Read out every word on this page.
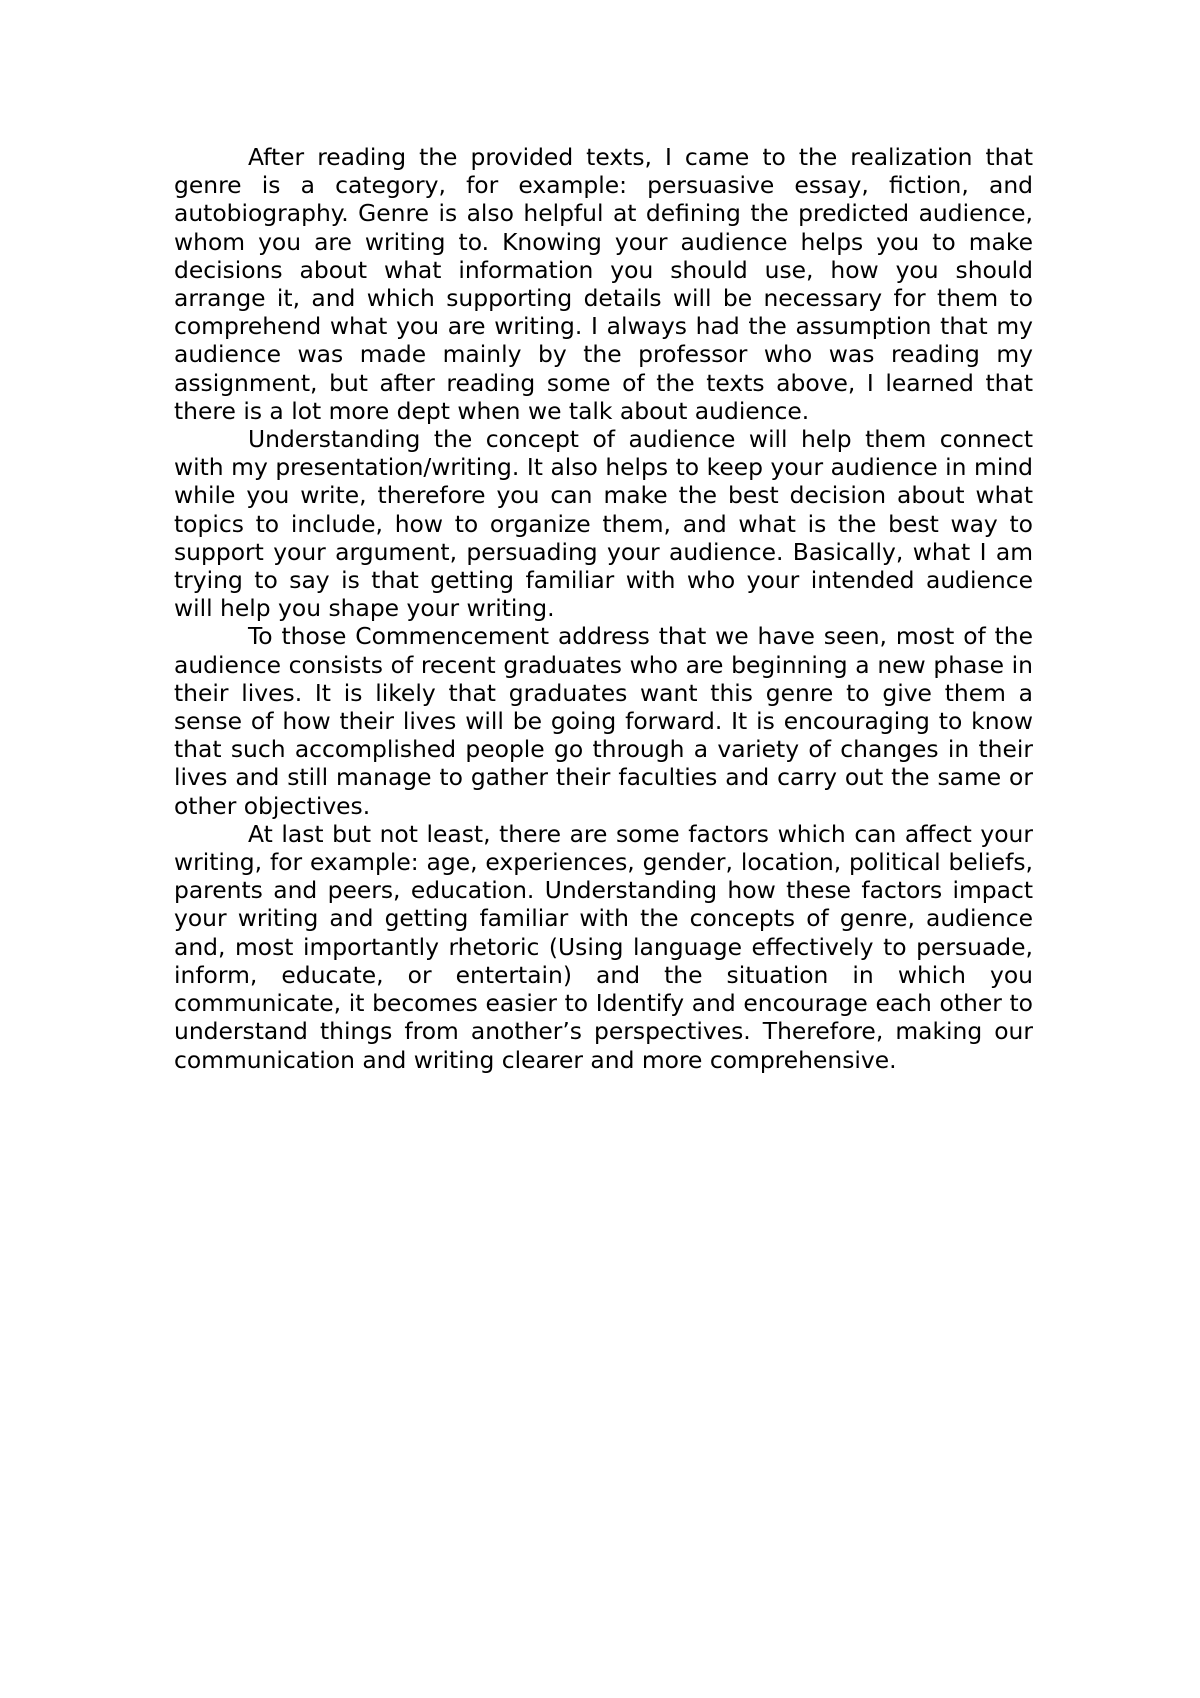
After reading the provided texts, I came to the realization that genre is a category, for example: persuasive essay, fiction, and autobiography. Genre is also helpful at defining the predicted audience, whom you are writing to. Knowing your audience helps you to make decisions about what information you should use, how you should arrange it, and which supporting details will be necessary for them to comprehend what you are writing. I always had the assumption that my audience was made mainly by the professor who was reading my assignment, but after reading some of the texts above, I learned that there is a lot more dept when we talk about audience.

Understanding the concept of audience will help them connect with my presentation/writing. It also helps to keep your audience in mind while you write, therefore you can make the best decision about what topics to include, how to organize them, and what is the best way to support your argument, persuading your audience. Basically, what I am trying to say is that getting familiar with who your intended audience will help you shape your writing.

To those Commencement address that we have seen, most of the audience consists of recent graduates who are beginning a new phase in their lives. It is likely that graduates want this genre to give them a sense of how their lives will be going forward. It is encouraging to know that such accomplished people go through a variety of changes in their lives and still manage to gather their faculties and carry out the same or other objectives.

At last but not least, there are some factors which can affect your writing, for example: age, experiences, gender, location, political beliefs, parents and peers, education. Understanding how these factors impact your writing and getting familiar with the concepts of genre, audience and, most importantly rhetoric (Using language effectively to persuade, inform, educate, or entertain) and the situation in which you communicate, it becomes easier to Identify and encourage each other to understand things from another’s perspectives. Therefore, making our communication and writing clearer and more comprehensive.
